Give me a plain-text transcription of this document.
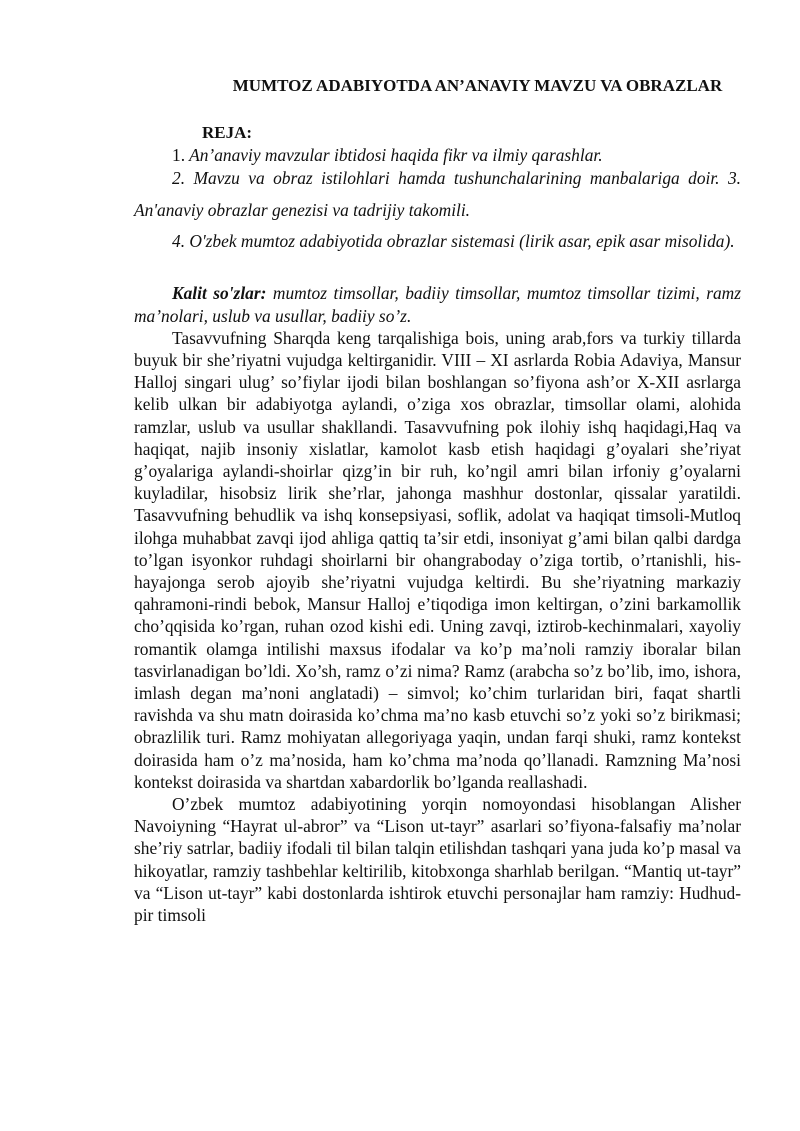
MUMTOZ ADABIYOTDA AN’ANAVIY MAVZU VA OBRAZLAR
REJA:

1. An’anaviy mavzular ibtidosi haqida fikr va ilmiy qarashlar.

2. Mavzu va obraz istilohlari hamda tushunchalarining manbalariga doir. 3. An'anaviy obrazlar genezisi va tadrijiy takomili.

4. O'zbek mumtoz adabiyotida obrazlar sistemasi (lirik asar, epik asar misolida).

Kalit so'zlar: mumtoz timsollar, badiiy timsollar, mumtoz timsollar tizimi, ramz ma’nolari, uslub va usullar, badiiy so’z.

Tasavvufning Sharqda keng tarqalishiga bois, uning arab,fors va turkiy tillarda buyuk bir she’riyatni vujudga keltirganidir. VIII – XI asrlarda Robia Adaviya, Mansur Halloj singari ulug’ so’fiylar ijodi bilan boshlangan so’fiyona ash’or X-XII asrlarga kelib ulkan bir adabiyotga aylandi, o’ziga xos obrazlar, timsollar olami, alohida ramzlar, uslub va usullar shakllandi. Tasavvufning pok ilohiy ishq haqidagi,Haq va haqiqat, najib insoniy xislatlar, kamolot kasb etish haqidagi g’oyalari she’riyat g’oyalariga aylandi-shoirlar qizg’in bir ruh, ko’ngil amri bilan irfoniy g’oyalarni kuyladilar, hisobsiz lirik she’rlar, jahonga mashhur dostonlar, qissalar yaratildi. Tasavvufning behudlik va ishq konsepsiyasi, soflik, adolat va haqiqat timsoli-Mutloq ilohga muhabbat zavqi ijod ahliga qattiq ta’sir etdi, insoniyat g’ami bilan qalbi dardga to’lgan isyonkor ruhdagi shoirlarni bir ohangraboday o’ziga tortib, o’rtanishli, his-hayajonga serob ajoyib she’riyatni vujudga keltirdi. Bu she’riyatning markaziy qahramoni-rindi bebok, Mansur Halloj e’tiqodiga imon keltirgan, o’zini barkamollik cho’qqisida ko’rgan, ruhan ozod kishi edi. Uning zavqi, iztirob-kechinmalari, xayoliy romantik olamga intilishi maxsus ifodalar va ko’p ma’noli ramziy iboralar bilan tasvirlanadigan bo’ldi. Xo’sh, ramz o’zi nima? Ramz (arabcha so’z bo’lib, imo, ishora, imlash degan ma’noni anglatadi) – simvol; ko’chim turlaridan biri, faqat shartli ravishda va shu matn doirasida ko’chma ma’no kasb etuvchi so’z yoki so’z birikmasi; obrazlilik turi. Ramz mohiyatan allegoriyaga yaqin, undan farqi shuki, ramz kontekst doirasida ham o’z ma’nosida, ham ko’chma ma’noda qo’llanadi. Ramzning Ma’nosi kontekst doirasida va shartdan xabardorlik bo’lganda reallashadi.

O’zbek mumtoz adabiyotining yorqin nomoyondasi hisoblangan Alisher Navoiyning “Hayrat ul-abror” va “Lison ut-tayr” asarlari so’fiyona-falsafiy ma’nolar she’riy satrlar, badiiy ifodali til bilan talqin etilishdan tashqari yana juda ko’p masal va hikoyatlar, ramziy tashbehlar keltirilib, kitobxonga sharhlab berilgan. “Mantiq ut-tayr” va “Lison ut-tayr” kabi dostonlarda ishtirok etuvchi personajlar ham ramziy: Hudhud-pir timsoli
